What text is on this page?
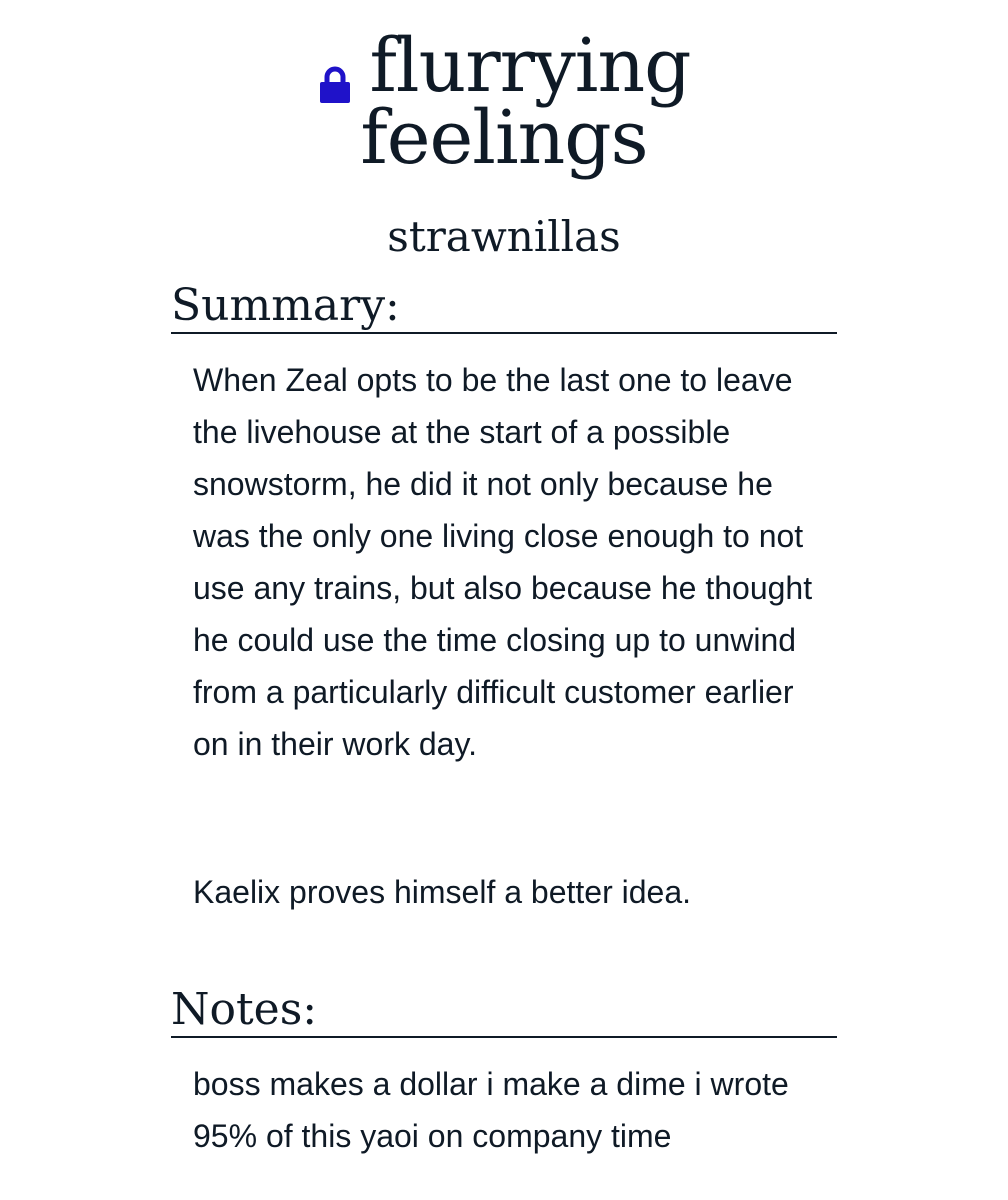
flurrying
feelings
strawnillas
Summary:

When Zeal opts to be the last one to leave the livehouse at the start of a possible snowstorm, he did it not only because he was the only one living close enough to not use any trains, but also because he thought he could use the time closing up to unwind from a particularly difficult customer earlier on in their work day.

Kaelix proves himself a better idea.

Notes:

boss makes a dollar i make a dime i wrote 95% of this yaoi on company time
